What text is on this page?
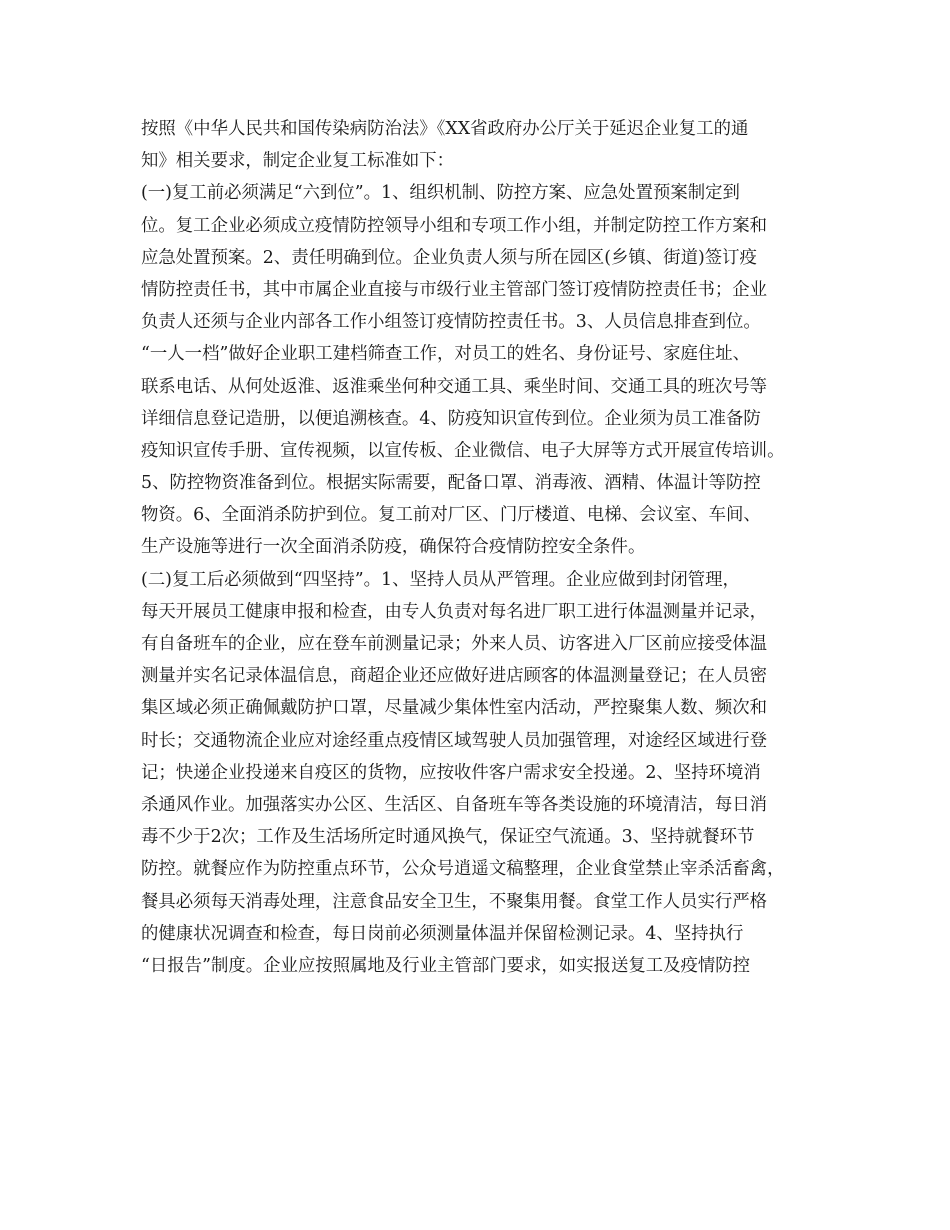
按照《中华人民共和国传染病防治法》《XX省政府办公厅关于延迟企业复工的通
知》相关要求，制定企业复工标准如下：
(一)复工前必须满足“六到位”。1、组织机制、防控方案、应急处置预案制定到
位。复工企业必须成立疫情防控领导小组和专项工作小组，并制定防控工作方案和
应急处置预案。2、责任明确到位。企业负责人须与所在园区(乡镇、街道)签订疫
情防控责任书，其中市属企业直接与市级行业主管部门签订疫情防控责任书；企业
负责人还须与企业内部各工作小组签订疫情防控责任书。3、人员信息排查到位。
“一人一档”做好企业职工建档筛查工作，对员工的姓名、身份证号、家庭住址、
联系电话、从何处返淮、返淮乘坐何种交通工具、乘坐时间、交通工具的班次号等
详细信息登记造册，以便追溯核查。4、防疫知识宣传到位。企业须为员工准备防
疫知识宣传手册、宣传视频，以宣传板、企业微信、电子大屏等方式开展宣传培训。
5、防控物资准备到位。根据实际需要，配备口罩、消毒液、酒精、体温计等防控
物资。6、全面消杀防护到位。复工前对厂区、门厅楼道、电梯、会议室、车间、
生产设施等进行一次全面消杀防疫，确保符合疫情防控安全条件。
(二)复工后必须做到“四坚持”。1、坚持人员从严管理。企业应做到封闭管理，
每天开展员工健康申报和检查，由专人负责对每名进厂职工进行体温测量并记录，
有自备班车的企业，应在登车前测量记录；外来人员、访客进入厂区前应接受体温
测量并实名记录体温信息，商超企业还应做好进店顾客的体温测量登记；在人员密
集区域必须正确佩戴防护口罩，尽量减少集体性室内活动，严控聚集人数、频次和
时长；交通物流企业应对途经重点疫情区域驾驶人员加强管理，对途经区域进行登
记；快递企业投递来自疫区的货物，应按收件客户需求安全投递。2、坚持环境消
杀通风作业。加强落实办公区、生活区、自备班车等各类设施的环境清洁，每日消
毒不少于2次；工作及生活场所定时通风换气，保证空气流通。3、坚持就餐环节
防控。就餐应作为防控重点环节，公众号逍遥文稿整理，企业食堂禁止宰杀活畜禽，
餐具必须每天消毒处理，注意食品安全卫生，不聚集用餐。食堂工作人员实行严格
的健康状况调查和检查，每日岗前必须测量体温并保留检测记录。4、坚持执行
“日报告”制度。企业应按照属地及行业主管部门要求，如实报送复工及疫情防控
